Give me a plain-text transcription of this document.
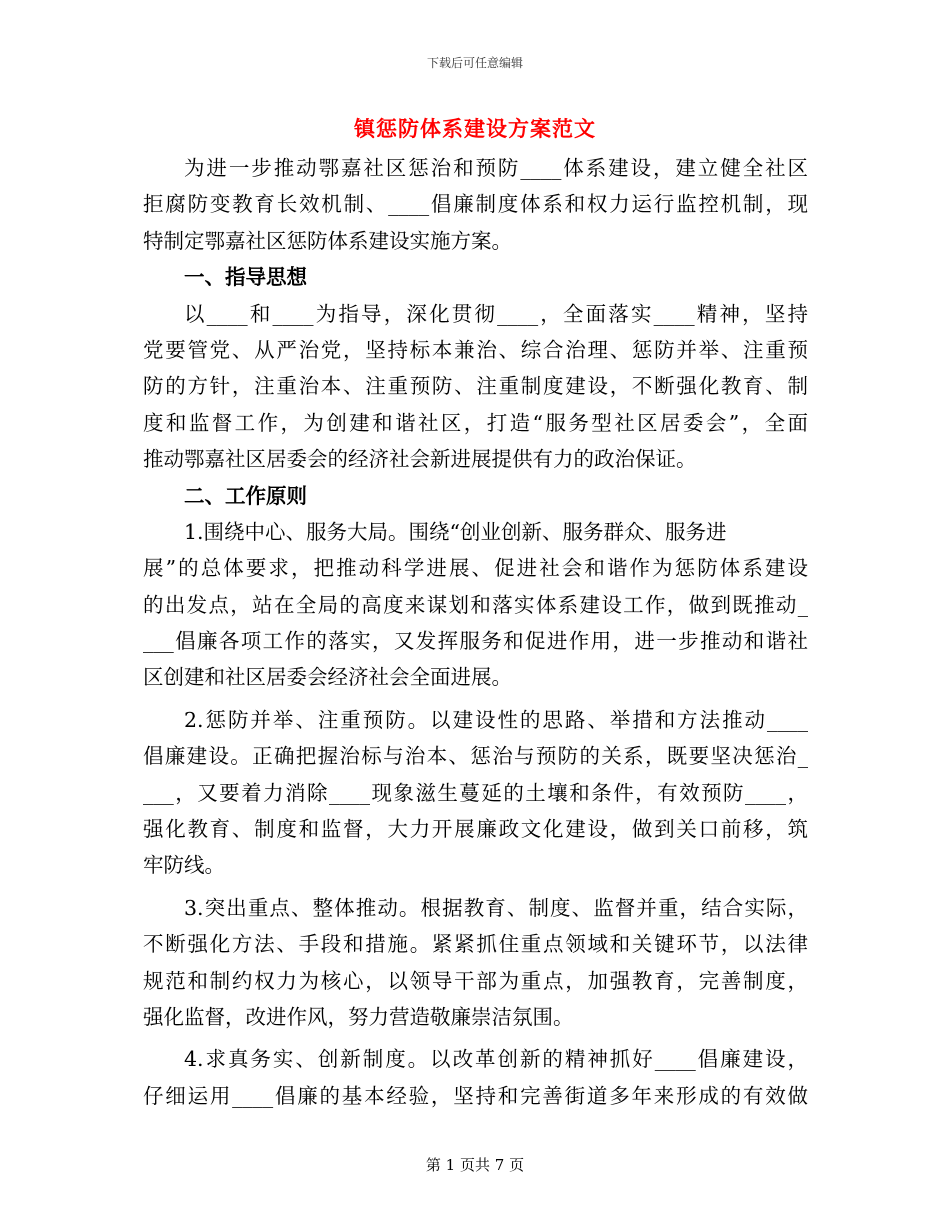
下载后可任意编辑
镇惩防体系建设方案范文
为进一步推动鄂嘉社区惩治和预防____体系建设，建立健全社区
拒腐防变教育长效机制、____倡廉制度体系和权力运行监控机制，现
特制定鄂嘉社区惩防体系建设实施方案。
一、指导思想
以____和____为指导，深化贯彻____，全面落实____精神，坚持
党要管党、从严治党，坚持标本兼治、综合治理、惩防并举、注重预
防的方针，注重治本、注重预防、注重制度建设，不断强化教育、制
度和监督工作，为创建和谐社区，打造“服务型社区居委会”，全面
推动鄂嘉社区居委会的经济社会新进展提供有力的政治保证。
二、工作原则
1.围绕中心、服务大局。围绕“创业创新、服务群众、服务进
展”的总体要求，把推动科学进展、促进社会和谐作为惩防体系建设
的出发点，站在全局的高度来谋划和落实体系建设工作，做到既推动_
___倡廉各项工作的落实，又发挥服务和促进作用，进一步推动和谐社
区创建和社区居委会经济社会全面进展。
2.惩防并举、注重预防。以建设性的思路、举措和方法推动____
倡廉建设。正确把握治标与治本、惩治与预防的关系，既要坚决惩治_
___，又要着力消除____现象滋生蔓延的土壤和条件，有效预防____，
强化教育、制度和监督，大力开展廉政文化建设，做到关口前移，筑
牢防线。
3.突出重点、整体推动。根据教育、制度、监督并重，结合实际，
不断强化方法、手段和措施。紧紧抓住重点领域和关键环节，以法律
规范和制约权力为核心，以领导干部为重点，加强教育，完善制度，
强化监督，改进作风，努力营造敬廉崇洁氛围。
4.求真务实、创新制度。以改革创新的精神抓好____倡廉建设，
仔细运用____倡廉的基本经验，坚持和完善街道多年来形成的有效做
第 1 页共 7 页
